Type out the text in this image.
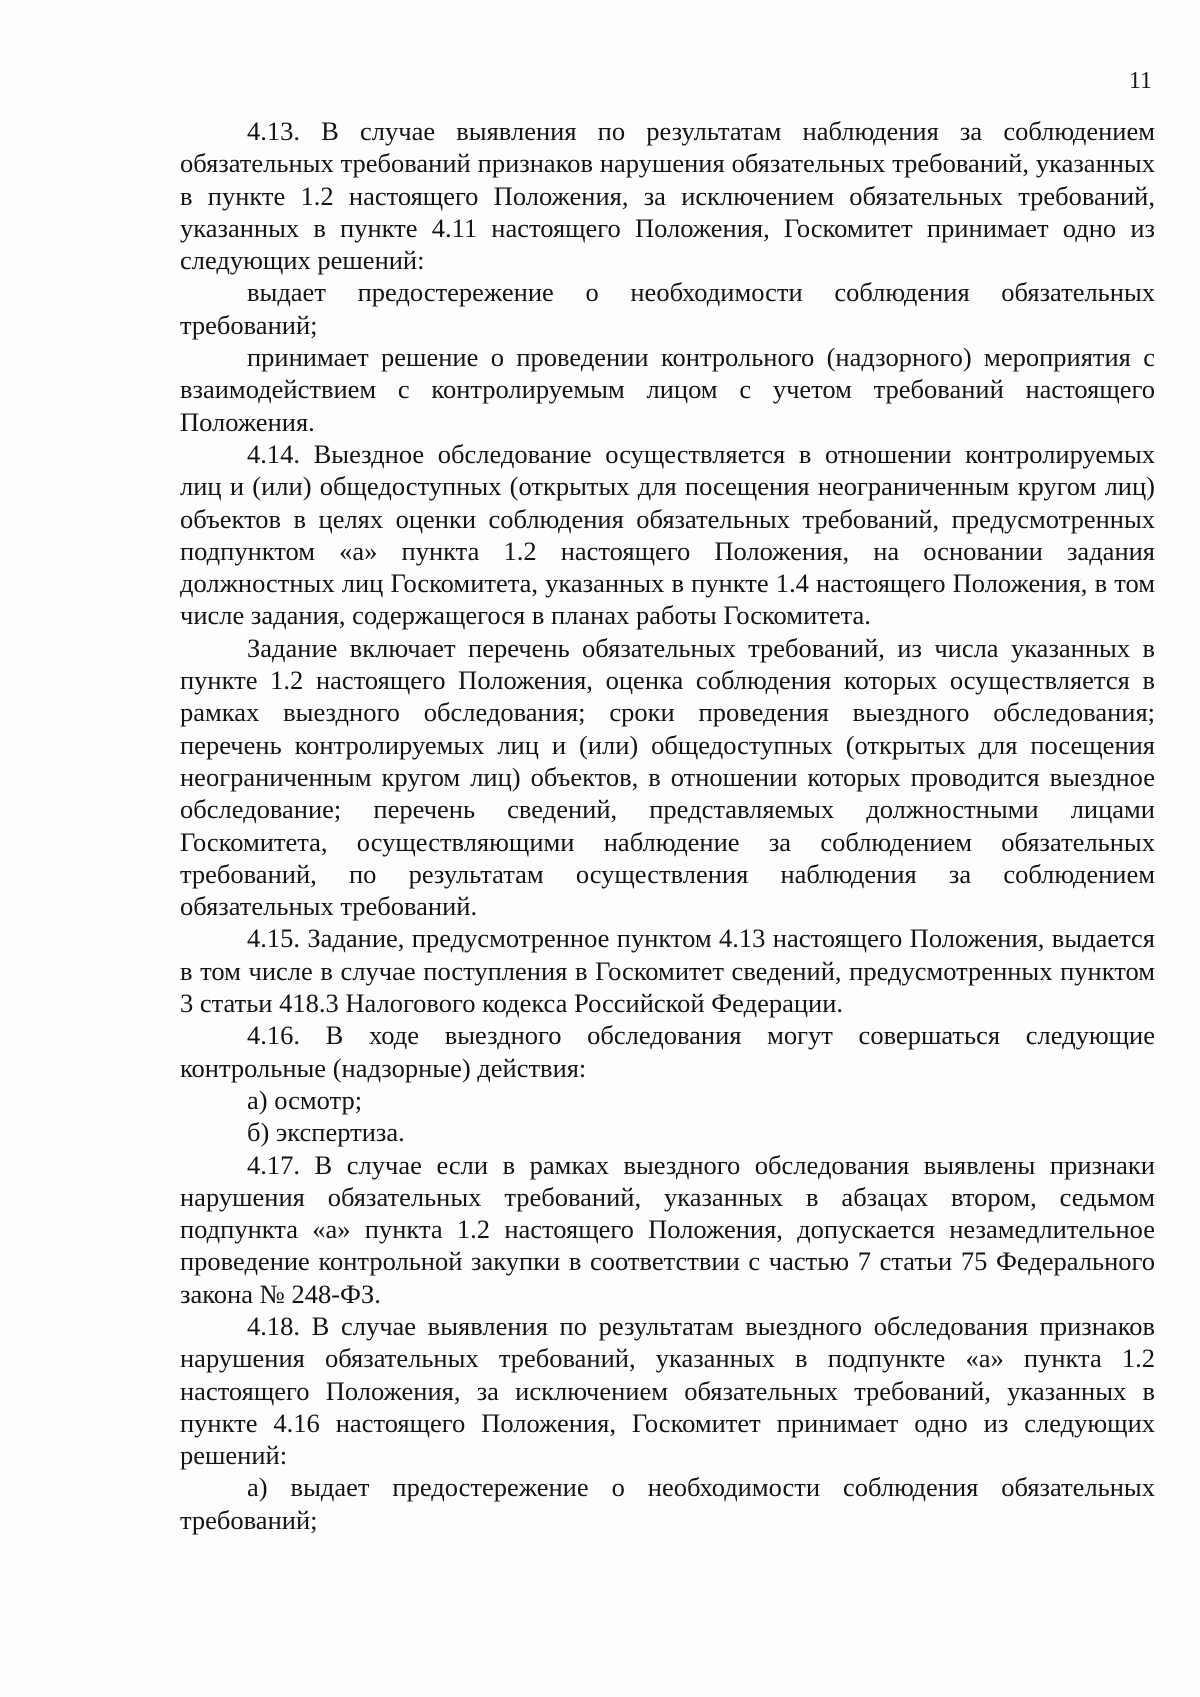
11

4.13. В случае выявления по результатам наблюдения за соблюдением обязательных требований признаков нарушения обязательных требований, указанных в пункте 1.2 настоящего Положения, за исключением обязательных требований, указанных в пункте 4.11 настоящего Положения, Госкомитет принимает одно из следующих решений:

выдает предостережение о необходимости соблюдения обязательных требований;

принимает решение о проведении контрольного (надзорного) мероприятия с взаимодействием с контролируемым лицом с учетом требований настоящего Положения.

4.14. Выездное обследование осуществляется в отношении контролируемых лиц и (или) общедоступных (открытых для посещения неограниченным кругом лиц) объектов в целях оценки соблюдения обязательных требований, предусмотренных подпунктом «а» пункта 1.2 настоящего Положения, на основании задания должностных лиц Госкомитета, указанных в пункте 1.4 настоящего Положения, в том числе задания, содержащегося в планах работы Госкомитета.

Задание включает перечень обязательных требований, из числа указанных в пункте 1.2 настоящего Положения, оценка соблюдения которых осуществляется в рамках выездного обследования; сроки проведения выездного обследования; перечень контролируемых лиц и (или) общедоступных (открытых для посещения неограниченным кругом лиц) объектов, в отношении которых проводится выездное обследование; перечень сведений, представляемых должностными лицами Госкомитета, осуществляющими наблюдение за соблюдением обязательных требований, по результатам осуществления наблюдения за соблюдением обязательных требований.

4.15. Задание, предусмотренное пунктом 4.13 настоящего Положения, выдается в том числе в случае поступления в Госкомитет сведений, предусмотренных пунктом 3 статьи 418.3 Налогового кодекса Российской Федерации.

4.16. В ходе выездного обследования могут совершаться следующие контрольные (надзорные) действия:

а) осмотр;

б) экспертиза.

4.17. В случае если в рамках выездного обследования выявлены признаки нарушения обязательных требований, указанных в абзацах втором, седьмом подпункта «а» пункта 1.2 настоящего Положения, допускается незамедлительное проведение контрольной закупки в соответствии с частью 7 статьи 75 Федерального закона № 248-ФЗ.

4.18. В случае выявления по результатам выездного обследования признаков нарушения обязательных требований, указанных в подпункте «а» пункта 1.2 настоящего Положения, за исключением обязательных требований, указанных в пункте 4.16 настоящего Положения, Госкомитет принимает одно из следующих решений:

а) выдает предостережение о необходимости соблюдения обязательных требований;
